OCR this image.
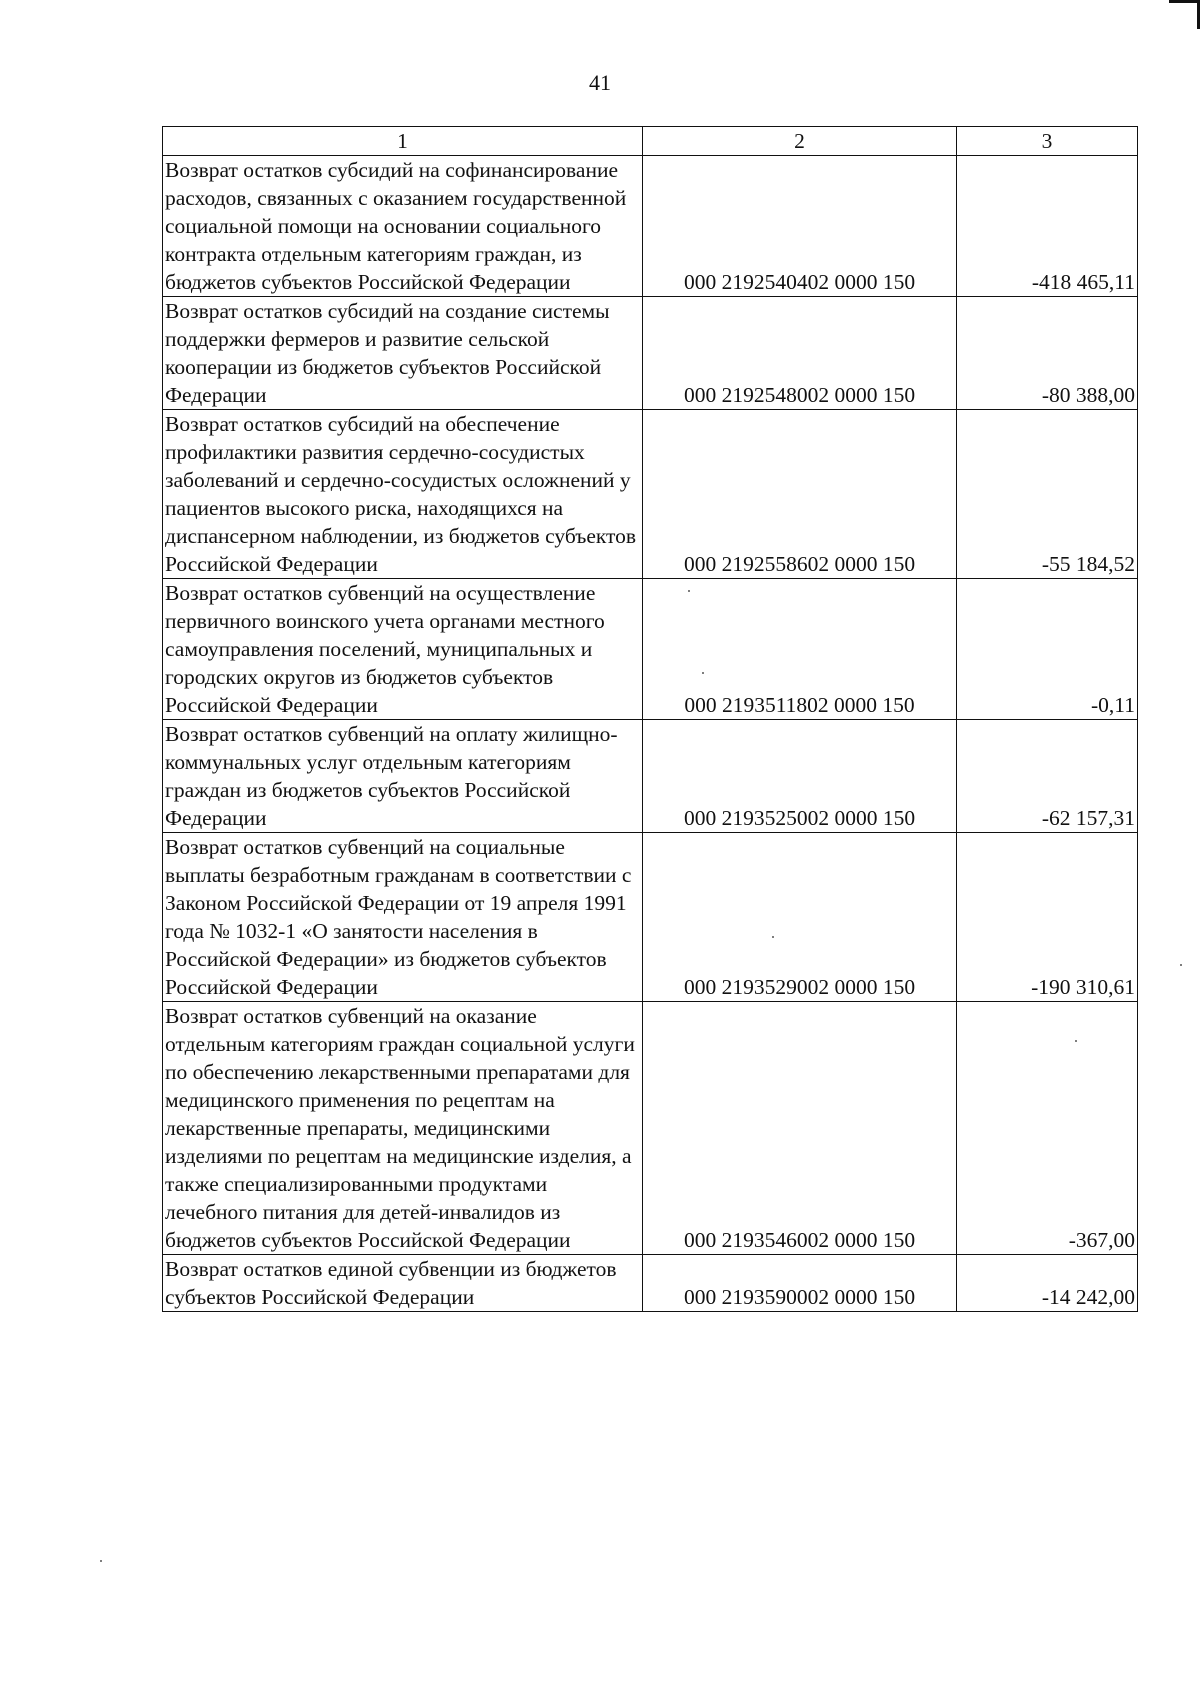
41
1	2	3
Возврат остатков субсидий на софинансирование расходов, связанных с оказанием государственной социальной помощи на основании социального контракта отдельным категориям граждан, из бюджетов субъектов Российской Федерации	000 2192540402 0000 150	-418 465,11
Возврат остатков субсидий на создание системы поддержки фермеров и развитие сельской кооперации из бюджетов субъектов Российской Федерации	000 2192548002 0000 150	-80 388,00
Возврат остатков субсидий на обеспечение профилактики развития сердечно-сосудистых заболеваний и сердечно-сосудистых осложнений у пациентов высокого риска, находящихся на диспансерном наблюдении, из бюджетов субъектов Российской Федерации	000 2192558602 0000 150	-55 184,52
Возврат остатков субвенций на осуществление первичного воинского учета органами местного самоуправления поселений, муниципальных и городских округов из бюджетов субъектов Российской Федерации	000 2193511802 0000 150	-0,11
Возврат остатков субвенций на оплату жилищно-коммунальных услуг отдельным категориям граждан из бюджетов субъектов Российской Федерации	000 2193525002 0000 150	-62 157,31
Возврат остатков субвенций на социальные выплаты безработным гражданам в соответствии с Законом Российской Федерации от 19 апреля 1991 года № 1032-1 «О занятости населения в Российской Федерации» из бюджетов субъектов Российской Федерации	000 2193529002 0000 150	-190 310,61
Возврат остатков субвенций на оказание отдельным категориям граждан социальной услуги по обеспечению лекарственными препаратами для медицинского применения по рецептам на лекарственные препараты, медицинскими изделиями по рецептам на медицинские изделия, а также специализированными продуктами лечебного питания для детей-инвалидов из бюджетов субъектов Российской Федерации	000 2193546002 0000 150	-367,00
Возврат остатков единой субвенции из бюджетов субъектов Российской Федерации	000 2193590002 0000 150	-14 242,00
